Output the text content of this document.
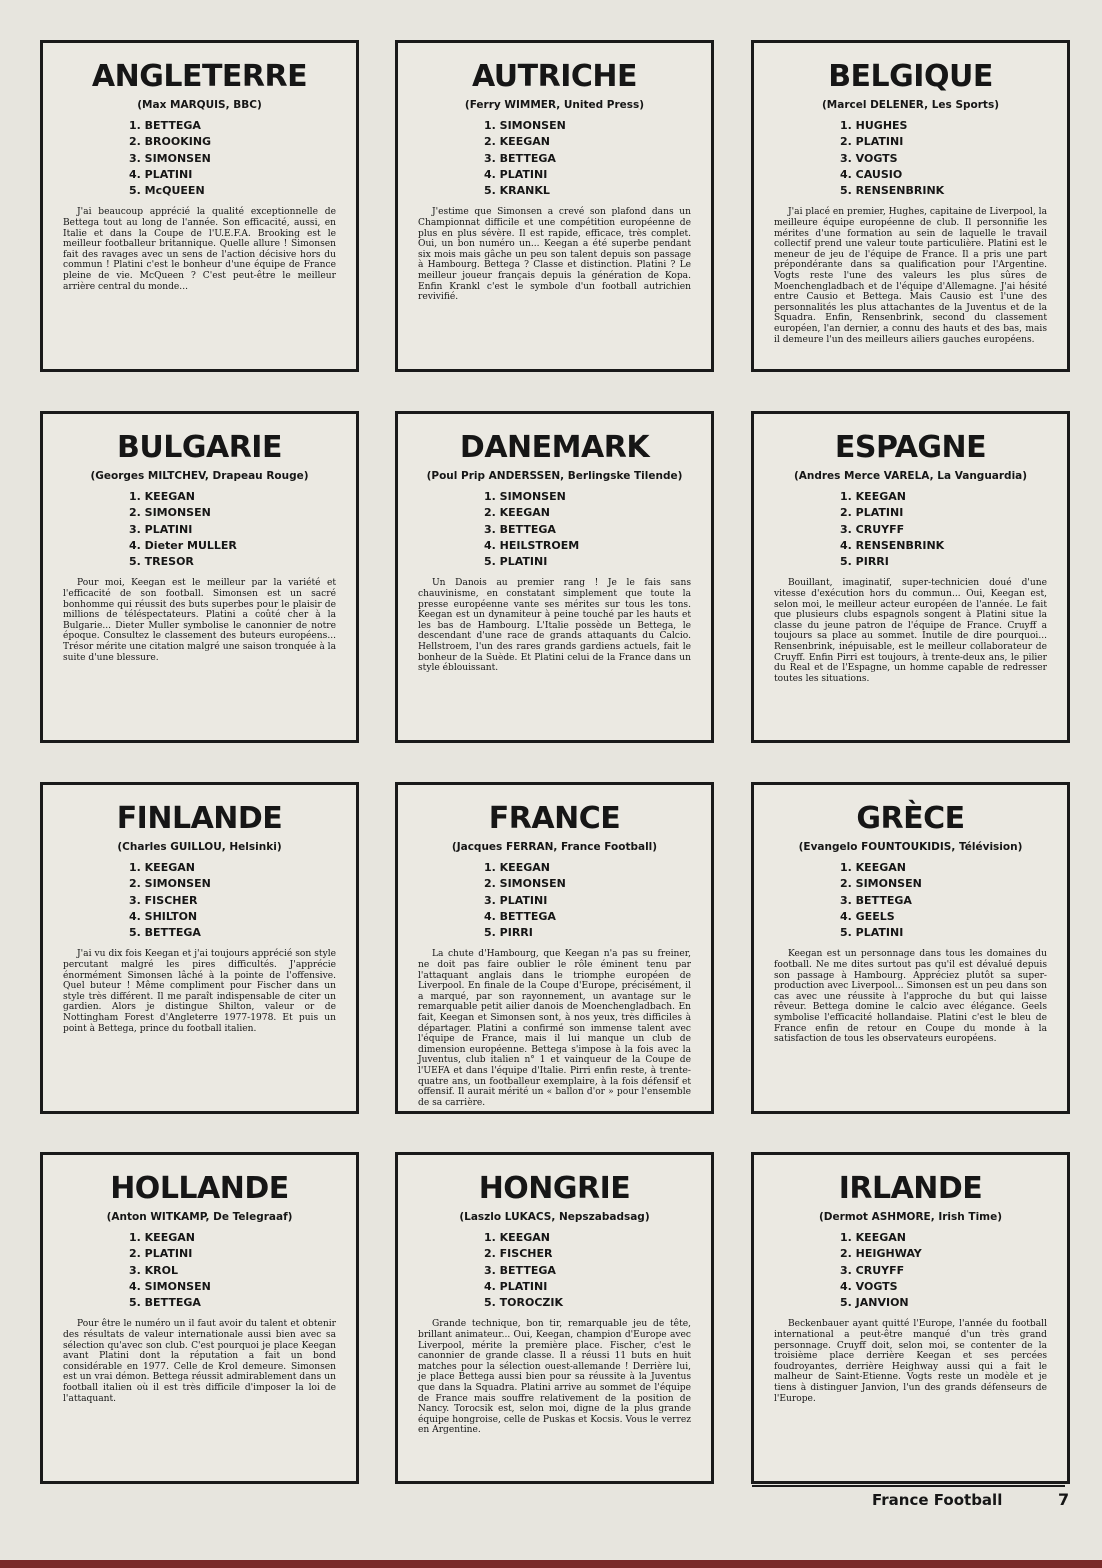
ANGLETERRE
(Max MARQUIS, BBC)
1. BETTEGA
2. BROOKING
3. SIMONSEN
4. PLATINI
5. McQUEEN

J'ai beaucoup apprécié la qualité exceptionnelle de Bettega tout au long de l'année. Son efficacité, aussi, en Italie et dans la Coupe de l'U.E.F.A. Brooking est le meilleur footballeur britannique. Quelle allure ! Simonsen fait des ravages avec un sens de l'action décisive hors du commun ! Platini c'est le bonheur d'une équipe de France pleine de vie. McQueen ? C'est peut-être le meilleur arrière central du monde...

AUTRICHE
(Ferry WIMMER, United Press)
1. SIMONSEN
2. KEEGAN
3. BETTEGA
4. PLATINI
5. KRANKL

J'estime que Simonsen a crevé son plafond dans un Championnat difficile et une compétition européenne de plus en plus sévère. Il est rapide, efficace, très complet. Oui, un bon numéro un... Keegan a été superbe pendant six mois mais gâche un peu son talent depuis son passage à Hambourg. Bettega ? Classe et distinction. Platini ? Le meilleur joueur français depuis la génération de Kopa. Enfin Krankl c'est le symbole d'un football autrichien revivifié.

BELGIQUE
(Marcel DELENER, Les Sports)
1. HUGHES
2. PLATINI
3. VOGTS
4. CAUSIO
5. RENSENBRINK

J'ai placé en premier, Hughes, capitaine de Liverpool, la meilleure équipe européenne de club. Il personnifie les mérites d'une formation au sein de laquelle le travail collectif prend une valeur toute particulière. Platini est le meneur de jeu de l'équipe de France. Il a pris une part prépondérante dans sa qualification pour l'Argentine. Vogts reste l'une des valeurs les plus sûres de Moenchengladbach et de l'équipe d'Allemagne. J'ai hésité entre Causio et Bettega. Mais Causio est l'une des personnalités les plus attachantes de la Juventus et de la Squadra. Enfin, Rensenbrink, second du classement européen, l'an dernier, a connu des hauts et des bas, mais il demeure l'un des meilleurs ailiers gauches européens.

BULGARIE
(Georges MILTCHEV, Drapeau Rouge)
1. KEEGAN
2. SIMONSEN
3. PLATINI
4. Dieter MULLER
5. TRESOR

Pour moi, Keegan est le meilleur par la variété et l'efficacité de son football. Simonsen est un sacré bonhomme qui réussit des buts superbes pour le plaisir de millions de téléspectateurs. Platini a coûté cher à la Bulgarie... Dieter Muller symbolise le canonnier de notre époque. Consultez le classement des buteurs européens... Trésor mérite une citation malgré une saison tronquée à la suite d'une blessure.

DANEMARK
(Poul Prip ANDERSSEN, Berlingske Tilende)
1. SIMONSEN
2. KEEGAN
3. BETTEGA
4. HEILSTROEM
5. PLATINI

Un Danois au premier rang ! Je le fais sans chauvinisme, en constatant simplement que toute la presse européenne vante ses mérites sur tous les tons. Keegan est un dynamiteur à peine touché par les hauts et les bas de Hambourg. L'Italie possède un Bettega, le descendant d'une race de grands attaquants du Calcio. Hellstroem, l'un des rares grands gardiens actuels, fait le bonheur de la Suède. Et Platini celui de la France dans un style éblouissant.

ESPAGNE
(Andres Merce VARELA, La Vanguardia)
1. KEEGAN
2. PLATINI
3. CRUYFF
4. RENSENBRINK
5. PIRRI

Bouillant, imaginatif, super-technicien doué d'une vitesse d'exécution hors du commun... Oui, Keegan est, selon moi, le meilleur acteur européen de l'année. Le fait que plusieurs clubs espagnols songent à Platini situe la classe du jeune patron de l'équipe de France. Cruyff a toujours sa place au sommet. Inutile de dire pourquoi... Rensenbrink, inépuisable, est le meilleur collaborateur de Cruyff. Enfin Pirri est toujours, à trente-deux ans, le pilier du Real et de l'Espagne, un homme capable de redresser toutes les situations.

FINLANDE
(Charles GUILLOU, Helsinki)
1. KEEGAN
2. SIMONSEN
3. FISCHER
4. SHILTON
5. BETTEGA

J'ai vu dix fois Keegan et j'ai toujours apprécié son style percutant malgré les pires difficultés. J'apprécie énormément Simonsen lâché à la pointe de l'offensive. Quel buteur ! Même compliment pour Fischer dans un style très différent. Il me paraît indispensable de citer un gardien. Alors je distingue Shilton, valeur or de Nottingham Forest d'Angleterre 1977-1978. Et puis un point à Bettega, prince du football italien.

FRANCE
(Jacques FERRAN, France Football)
1. KEEGAN
2. SIMONSEN
3. PLATINI
4. BETTEGA
5. PIRRI

La chute d'Hambourg, que Keegan n'a pas su freiner, ne doit pas faire oublier le rôle éminent tenu par l'attaquant anglais dans le triomphe européen de Liverpool. En finale de la Coupe d'Europe, précisément, il a marqué, par son rayonnement, un avantage sur le remarquable petit ailier danois de Moenchengladbach. En fait, Keegan et Simonsen sont, à nos yeux, très difficiles à départager. Platini a confirmé son immense talent avec l'équipe de France, mais il lui manque un club de dimension européenne. Bettega s'impose à la fois avec la Juventus, club italien n° 1 et vainqueur de la Coupe de l'UEFA et dans l'équipe d'Italie. Pirri enfin reste, à trente-quatre ans, un footballeur exemplaire, à la fois défensif et offensif. Il aurait mérité un « ballon d'or » pour l'ensemble de sa carrière.

GRÈCE
(Evangelo FOUNTOUKIDIS, Télévision)
1. KEEGAN
2. SIMONSEN
3. BETTEGA
4. GEELS
5. PLATINI

Keegan est un personnage dans tous les domaines du football. Ne me dites surtout pas qu'il est dévalué depuis son passage à Hambourg. Appréciez plutôt sa super-production avec Liverpool... Simonsen est un peu dans son cas avec une réussite à l'approche du but qui laisse rêveur. Bettega domine le calcio avec élégance. Geels symbolise l'efficacité hollandaise. Platini c'est le bleu de France enfin de retour en Coupe du monde à la satisfaction de tous les observateurs européens.

HOLLANDE
(Anton WITKAMP, De Telegraaf)
1. KEEGAN
2. PLATINI
3. KROL
4. SIMONSEN
5. BETTEGA

Pour être le numéro un il faut avoir du talent et obtenir des résultats de valeur internationale aussi bien avec sa sélection qu'avec son club. C'est pourquoi je place Keegan avant Platini dont la réputation a fait un bond considérable en 1977. Celle de Krol demeure. Simonsen est un vrai démon. Bettega réussit admirablement dans un football italien où il est très difficile d'imposer la loi de l'attaquant.

HONGRIE
(Laszlo LUKACS, Nepszabadsag)
1. KEEGAN
2. FISCHER
3. BETTEGA
4. PLATINI
5. TOROCZIK

Grande technique, bon tir, remarquable jeu de tête, brillant animateur... Oui, Keegan, champion d'Europe avec Liverpool, mérite la première place. Fischer, c'est le canonnier de grande classe. Il a réussi 11 buts en huit matches pour la sélection ouest-allemande ! Derrière lui, je place Bettega aussi bien pour sa réussite à la Juventus que dans la Squadra. Platini arrive au sommet de l'équipe de France mais souffre relativement de la position de Nancy. Torocsik est, selon moi, digne de la plus grande équipe hongroise, celle de Puskas et Kocsis. Vous le verrez en Argentine.

IRLANDE
(Dermot ASHMORE, Irish Time)
1. KEEGAN
2. HEIGHWAY
3. CRUYFF
4. VOGTS
5. JANVION

Beckenbauer ayant quitté l'Europe, l'année du football international a peut-être manqué d'un très grand personnage. Cruyff doit, selon moi, se contenter de la troisième place derrière Keegan et ses percées foudroyantes, derrière Heighway aussi qui a fait le malheur de Saint-Etienne. Vogts reste un modèle et je tiens à distinguer Janvion, l'un des grands défenseurs de l'Europe.

France Football	7
